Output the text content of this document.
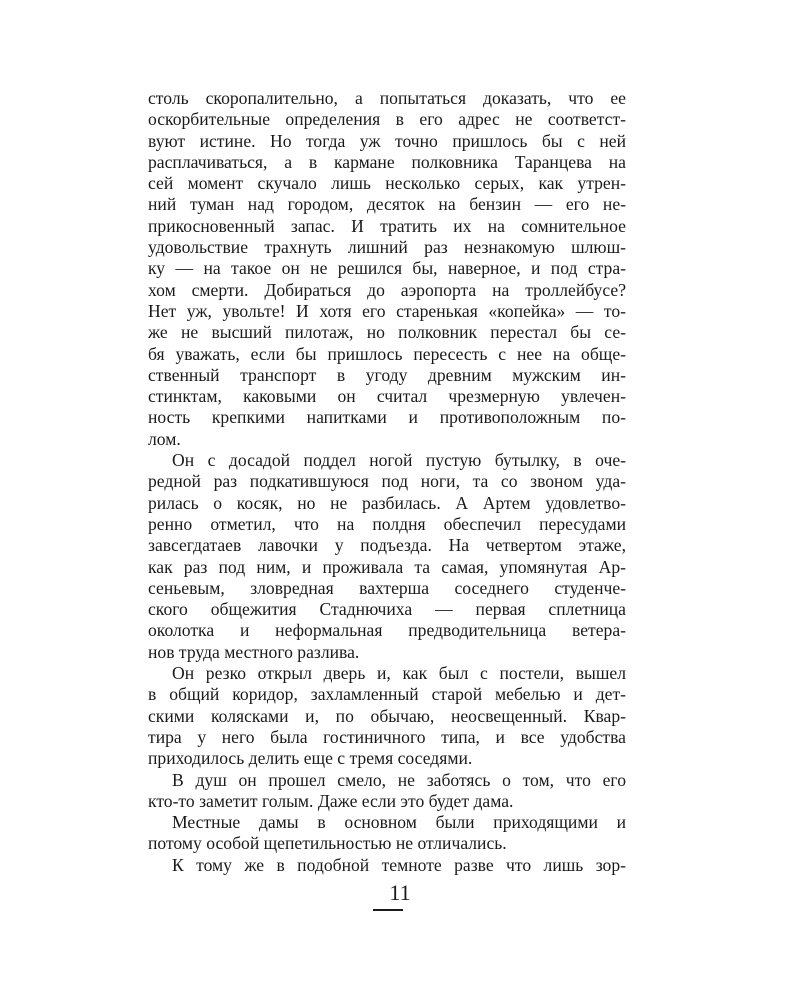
столь скоропалительно, а попытаться доказать, что ее
оскорбительные определения в его адрес не соответст-
вуют истине. Но тогда уж точно пришлось бы с ней
расплачиваться, а в кармане полковника Таранцева на
сей момент скучало лишь несколько серых, как утрен-
ний туман над городом, десяток на бензин — его не-
прикосновенный запас. И тратить их на сомнительное
удовольствие трахнуть лишний раз незнакомую шлюш-
ку — на такое он не решился бы, наверное, и под стра-
хом смерти. Добираться до аэропорта на троллейбусе?
Нет уж, увольте! И хотя его старенькая «копейка» — то-
же не высший пилотаж, но полковник перестал бы се-
бя уважать, если бы пришлось пересесть с нее на обще-
ственный транспорт в угоду древним мужским ин-
стинктам, каковыми он считал чрезмерную увлечен-
ность крепкими напитками и противоположным по-
лом.
Он с досадой поддел ногой пустую бутылку, в оче-
редной раз подкатившуюся под ноги, та со звоном уда-
рилась о косяк, но не разбилась. А Артем удовлетво-
ренно отметил, что на полдня обеспечил пересудами
завсегдатаев лавочки у подъезда. На четвертом этаже,
как раз под ним, и проживала та самая, упомянутая Ар-
сеньевым, зловредная вахтерша соседнего студенче-
ского общежития Стаднючиха — первая сплетница
околотка и неформальная предводительница ветера-
нов труда местного разлива.
Он резко открыл дверь и, как был с постели, вышел
в общий коридор, захламленный старой мебелью и дет-
скими колясками и, по обычаю, неосвещенный. Квар-
тира у него была гостиничного типа, и все удобства
приходилось делить еще с тремя соседями.
В душ он прошел смело, не заботясь о том, что его
кто-то заметит голым. Даже если это будет дама.
Местные дамы в основном были приходящими и
потому особой щепетильностью не отличались.
К тому же в подобной темноте разве что лишь зор-
11
